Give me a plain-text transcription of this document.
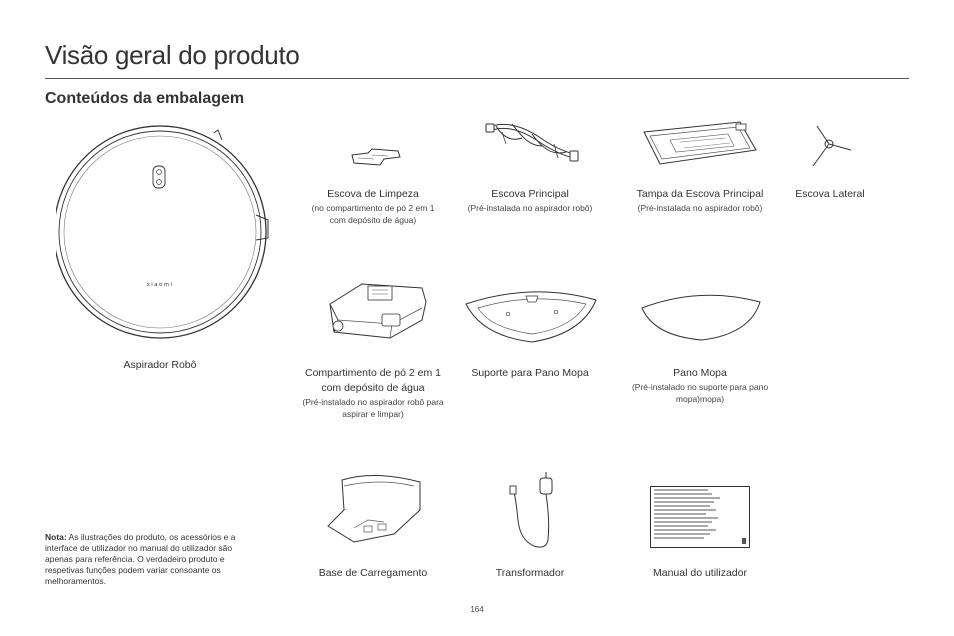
Visão geral do produto
Conteúdos da embalagem
xiaomi
Aspirador Robô
Escova de Limpeza
(no compartimento de pó 2 em 1 com depósito de água)
Escova Principal
(Pré-instalada no aspirador robô)
Tampa da Escova Principal
(Pré-instalada no aspirador robô)
Escova Lateral
Compartimento de pó 2 em 1 com depósito de água
(Pré-instalado no aspirador robô para aspirar e limpar)
Suporte para Pano Mopa	Pano Mopa
(Pré-instalado no suporte para pano mopa)mopa)
Base de Carregamento	Transformador	Manual do utilizador
Nota: As ilustrações do produto, os acessórios e a interface de utilizador no manual do utilizador são apenas para referência. O verdadeiro produto e respetivas funções podem variar consoante os melhoramentos.
164
